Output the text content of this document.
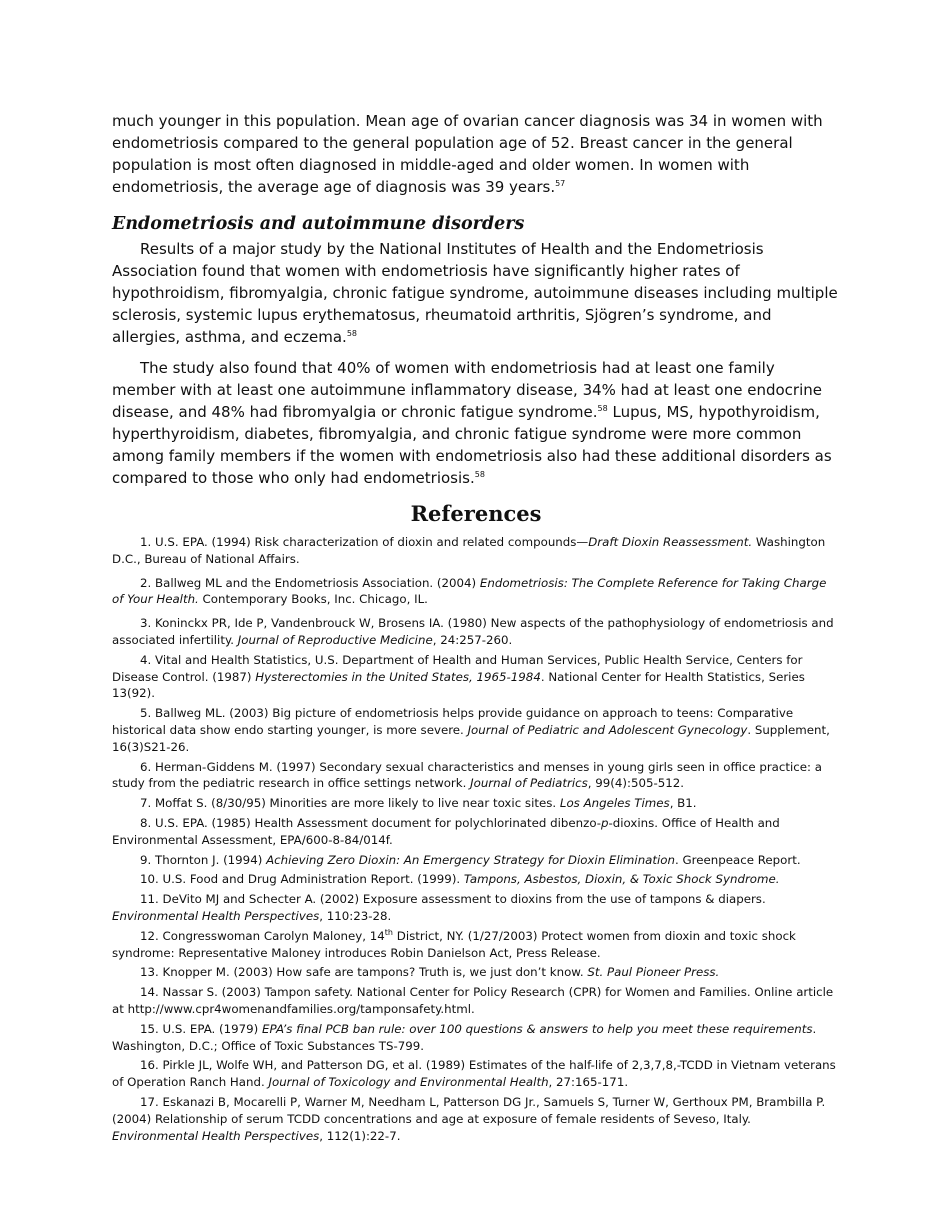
much younger in this population. Mean age of ovarian cancer diagnosis was 34 in women with endometriosis compared to the general population age of 52. Breast cancer in the general population is most often diagnosed in middle-aged and older women. In women with endometriosis, the average age of diagnosis was 39 years.$^{57}$

Endometriosis and autoimmune disorders

Results of a major study by the National Institutes of Health and the Endometriosis Association found that women with endometriosis have significantly higher rates of hypothroidism, fibromyalgia, chronic fatigue syndrome, autoimmune diseases including multiple sclerosis, systemic lupus erythematosus, rheumatoid arthritis, Sjögren’s syndrome, and allergies, asthma, and eczema.$^{58}$

The study also found that 40% of women with endometriosis had at least one family member with at least one autoimmune inflammatory disease, 34% had at least one endocrine disease, and 48% had fibromyalgia or chronic fatigue syndrome.$^{58}$ Lupus, MS, hypothyroidism, hyperthyroidism, diabetes, fibromyalgia, and chronic fatigue syndrome were more common among family members if the women with endometriosis also had these additional disorders as compared to those who only had endometriosis.$^{58}$

References

1. U.S. EPA. (1994) Risk characterization of dioxin and related compounds—Draft Dioxin Reassessment. Washington D.C., Bureau of National Affairs.

2. Ballweg ML and the Endometriosis Association. (2004) Endometriosis: The Complete Reference for Taking Charge of Your Health. Contemporary Books, Inc. Chicago, IL.

3. Koninckx PR, Ide P, Vandenbrouck W, Brosens IA. (1980) New aspects of the pathophysiology of endometriosis and associated infertility. Journal of Reproductive Medicine, 24:257-260.

4. Vital and Health Statistics, U.S. Department of Health and Human Services, Public Health Service, Centers for Disease Control. (1987) Hysterectomies in the United States, 1965-1984. National Center for Health Statistics, Series 13(92).

5. Ballweg ML. (2003) Big picture of endometriosis helps provide guidance on approach to teens: Comparative historical data show endo starting younger, is more severe. Journal of Pediatric and Adolescent Gynecology. Supplement, 16(3)S21-26.

6. Herman-Giddens M. (1997) Secondary sexual characteristics and menses in young girls seen in office practice: a study from the pediatric research in office settings network. Journal of Pediatrics, 99(4):505-512.

7. Moffat S. (8/30/95) Minorities are more likely to live near toxic sites. Los Angeles Times, B1.

8. U.S. EPA. (1985) Health Assessment document for polychlorinated dibenzo-p-dioxins. Office of Health and Environmental Assessment, EPA/600-8-84/014f.

9. Thornton J. (1994) Achieving Zero Dioxin: An Emergency Strategy for Dioxin Elimination. Greenpeace Report.

10. U.S. Food and Drug Administration Report. (1999). Tampons, Asbestos, Dioxin, & Toxic Shock Syndrome.

11. DeVito MJ and Schecter A. (2002) Exposure assessment to dioxins from the use of tampons & diapers. Environmental Health Perspectives, 110:23-28.

12. Congresswoman Carolyn Maloney, 14th District, NY. (1/27/2003) Protect women from dioxin and toxic shock syndrome: Representative Maloney introduces Robin Danielson Act, Press Release.

13. Knopper M. (2003) How safe are tampons? Truth is, we just don’t know. St. Paul Pioneer Press.

14. Nassar S. (2003) Tampon safety. National Center for Policy Research (CPR) for Women and Families. Online article at http://www.cpr4womenandfamilies.org/tamponsafety.html.

15. U.S. EPA. (1979) EPA’s final PCB ban rule: over 100 questions & answers to help you meet these requirements. Washington, D.C.; Office of Toxic Substances TS-799.

16. Pirkle JL, Wolfe WH, and Patterson DG, et al. (1989) Estimates of the half-life of 2,3,7,8,-TCDD in Vietnam veterans of Operation Ranch Hand. Journal of Toxicology and Environmental Health, 27:165-171.

17. Eskanazi B, Mocarelli P, Warner M, Needham L, Patterson DG Jr., Samuels S, Turner W, Gerthoux PM, Brambilla P. (2004) Relationship of serum TCDD concentrations and age at exposure of female residents of Seveso, Italy. Environmental Health Perspectives, 112(1):22-7.
